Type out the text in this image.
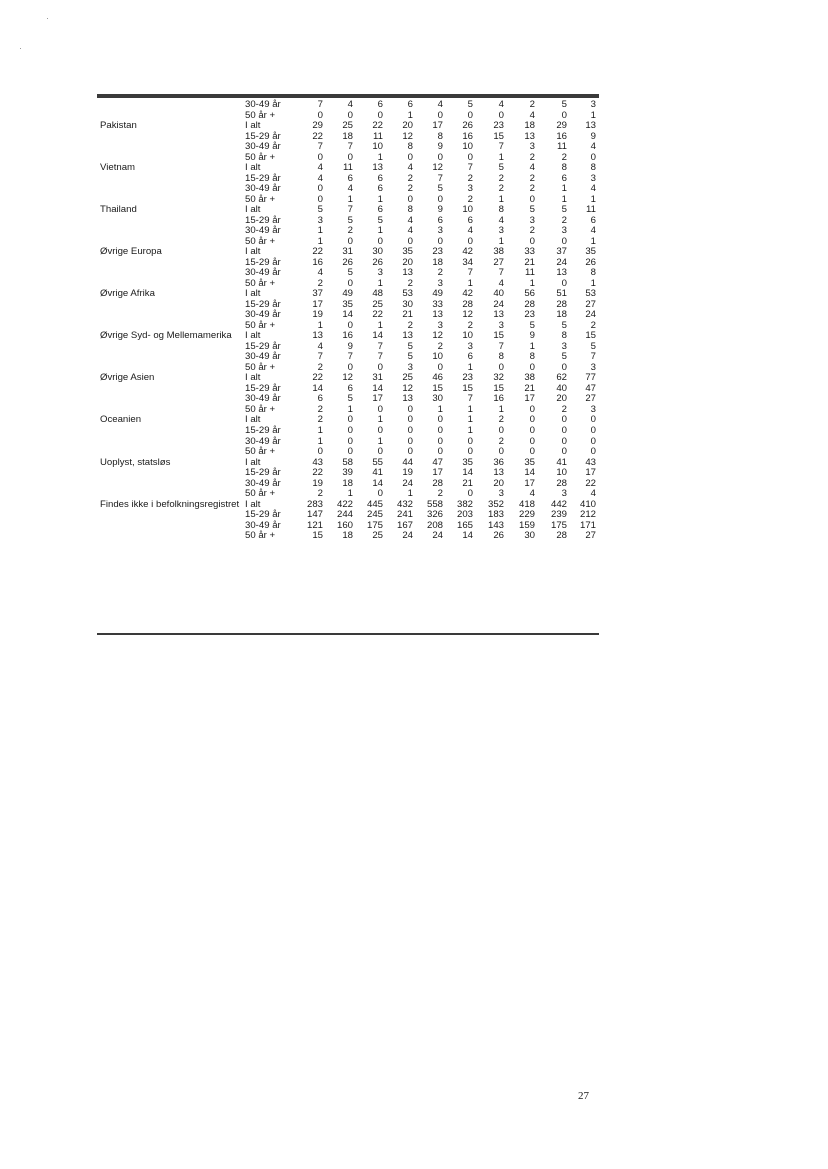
	30-49 år	7	4	6	6	4	5	4	2	5	3
	50 år +	0	0	0	1	0	0	0	4	0	1
Pakistan	I alt	29	25	22	20	17	26	23	18	29	13
	15-29 år	22	18	11	12	8	16	15	13	16	9
	30-49 år	7	7	10	8	9	10	7	3	11	4
	50 år +	0	0	1	0	0	0	1	2	2	0
Vietnam	I alt	4	11	13	4	12	7	5	4	8	8
	15-29 år	4	6	6	2	7	2	2	2	6	3
	30-49 år	0	4	6	2	5	3	2	2	1	4
	50 år +	0	1	1	0	0	2	1	0	1	1
Thailand	I alt	5	7	6	8	9	10	8	5	5	11
	15-29 år	3	5	5	4	6	6	4	3	2	6
	30-49 år	1	2	1	4	3	4	3	2	3	4
	50 år +	1	0	0	0	0	0	1	0	0	1
Øvrige Europa	I alt	22	31	30	35	23	42	38	33	37	35
	15-29 år	16	26	26	20	18	34	27	21	24	26
	30-49 år	4	5	3	13	2	7	7	11	13	8
	50 år +	2	0	1	2	3	1	4	1	0	1
Øvrige Afrika	I alt	37	49	48	53	49	42	40	56	51	53
	15-29 år	17	35	25	30	33	28	24	28	28	27
	30-49 år	19	14	22	21	13	12	13	23	18	24
	50 år +	1	0	1	2	3	2	3	5	5	2
Øvrige Syd- og Mellemamerika	I alt	13	16	14	13	12	10	15	9	8	15
	15-29 år	4	9	7	5	2	3	7	1	3	5
	30-49 år	7	7	7	5	10	6	8	8	5	7
	50 år +	2	0	0	3	0	1	0	0	0	3
Øvrige Asien	I alt	22	12	31	25	46	23	32	38	62	77
	15-29 år	14	6	14	12	15	15	15	21	40	47
	30-49 år	6	5	17	13	30	7	16	17	20	27
	50 år +	2	1	0	0	1	1	1	0	2	3
Oceanien	I alt	2	0	1	0	0	1	2	0	0	0
	15-29 år	1	0	0	0	0	1	0	0	0	0
	30-49 år	1	0	1	0	0	0	2	0	0	0
	50 år +	0	0	0	0	0	0	0	0	0	0
Uoplyst, statsløs	I alt	43	58	55	44	47	35	36	35	41	43
	15-29 år	22	39	41	19	17	14	13	14	10	17
	30-49 år	19	18	14	24	28	21	20	17	28	22
	50 år +	2	1	0	1	2	0	3	4	3	4
Findes ikke i befolkningsregistret	I alt	283	422	445	432	558	382	352	418	442	410
	15-29 år	147	244	245	241	326	203	183	229	239	212
	30-49 år	121	160	175	167	208	165	143	159	175	171
	50 år +	15	18	25	24	24	14	26	30	28	27
27
